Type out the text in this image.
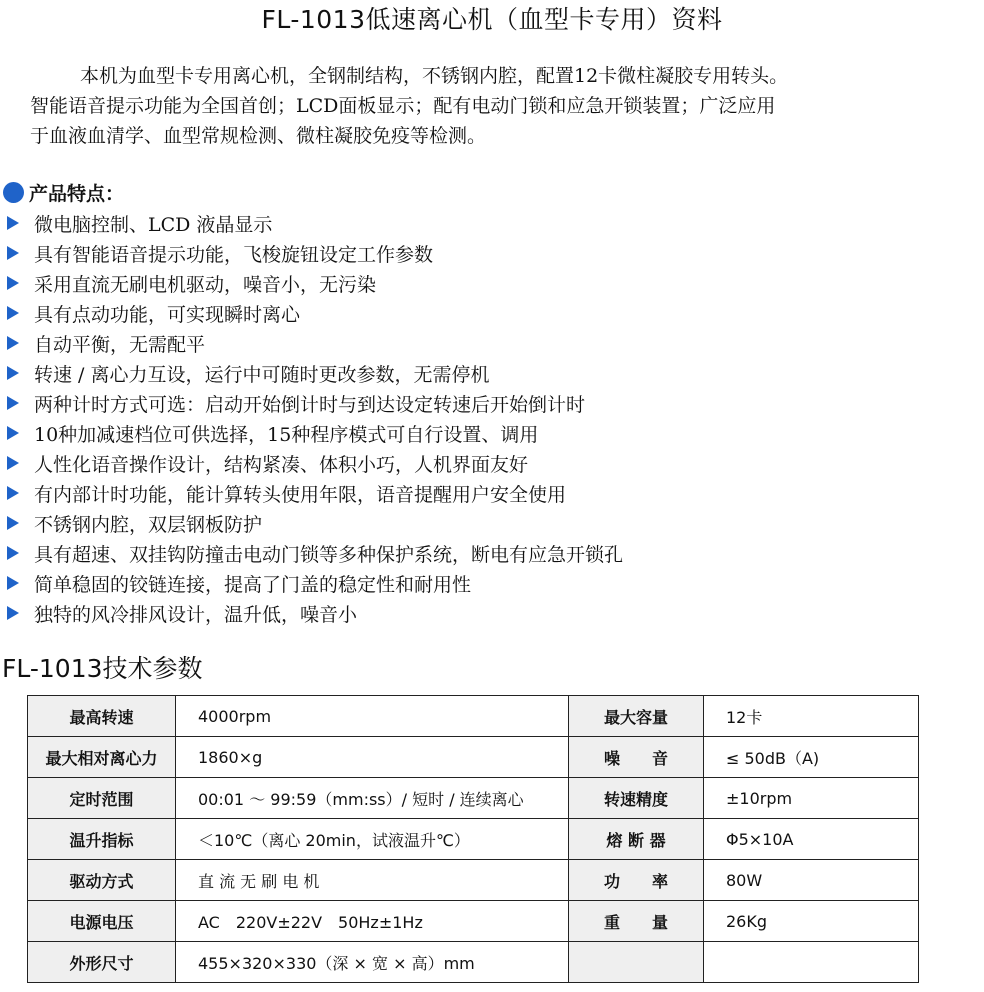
FL-1013低速离心机（血型卡专用）资料

本机为血型卡专用离心机，全钢制结构，不锈钢内腔，配置12卡微柱凝胶专用转头。

智能语音提示功能为全国首创；LCD面板显示；配有电动门锁和应急开锁装置；广泛应用

于血液血清学、血型常规检测、微柱凝胶免疫等检测。

产品特点：
微电脑控制、LCD 液晶显示
具有智能语音提示功能，飞梭旋钮设定工作参数
采用直流无刷电机驱动，噪音小，无污染
具有点动功能，可实现瞬时离心
自动平衡，无需配平
转速 / 离心力互设，运行中可随时更改参数，无需停机
两种计时方式可选：启动开始倒计时与到达设定转速后开始倒计时
10种加减速档位可供选择，15种程序模式可自行设置、调用
人性化语音操作设计，结构紧凑、体积小巧，人机界面友好
有内部计时功能，能计算转头使用年限，语音提醒用户安全使用
不锈钢内腔，双层钢板防护
具有超速、双挂钩防撞击电动门锁等多种保护系统，断电有应急开锁孔
简单稳固的铰链连接，提高了门盖的稳定性和耐用性
独特的风冷排风设计，温升低，噪音小
FL-1013技术参数
最高转速	4000rpm	最大容量	12卡
最大相对离心力	1860×g	噪　　音	≤ 50dB（A)
定时范围	00:01 ～ 99:59（mm:ss）/ 短时 / 连续离心	转速精度	±10rpm
温升指标	＜10℃（离心 20min，试液温升℃）	熔 断 器	Φ5×10A
驱动方式	直 流 无 刷 电 机	功　　率	80W
电源电压	AC　220V±22V　50Hz±1Hz	重　　量	26Kg
外形尺寸	455×320×330（深 × 宽 × 高）mm		
